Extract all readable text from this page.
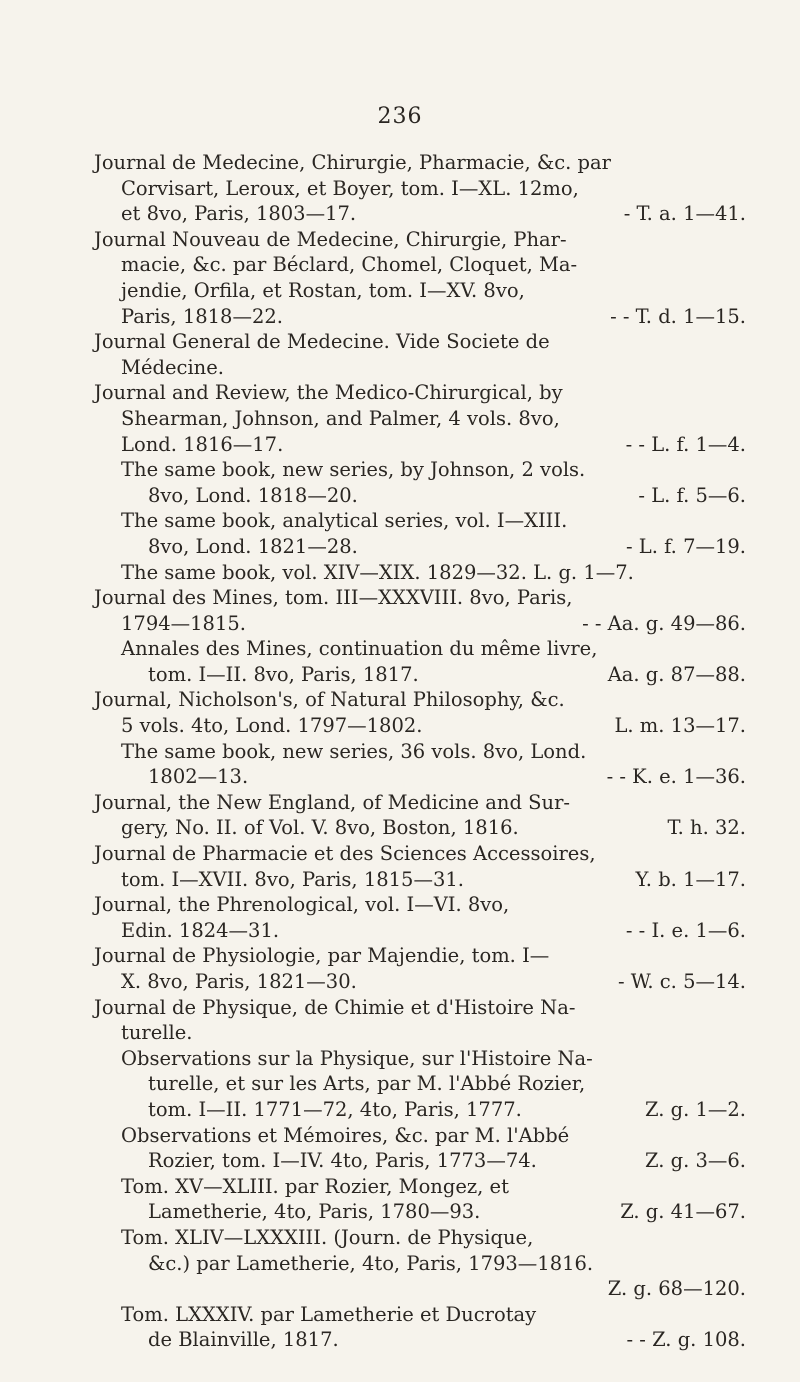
236
Journal de Medecine, Chirurgie, Pharmacie, &c. par
Corvisart, Leroux, et Boyer, tom. I—XL. 12mo,
et 8vo, Paris, 1803—17.	- T. a. 1—41.
Journal Nouveau de Medecine, Chirurgie, Phar-
macie, &c. par Béclard, Chomel, Cloquet, Ma-
jendie, Orfila, et Rostan, tom. I—XV. 8vo,
Paris, 1818—22.	- - T. d. 1—15.
Journal General de Medecine. Vide Societe de
Médecine.
Journal and Review, the Medico-Chirurgical, by
Shearman, Johnson, and Palmer, 4 vols. 8vo,
Lond. 1816—17.	- - L. f. 1—4.
The same book, new series, by Johnson, 2 vols.
8vo, Lond. 1818—20.	- L. f. 5—6.
The same book, analytical series, vol. I—XIII.
8vo, Lond. 1821—28.	- L. f. 7—19.
The same book, vol. XIV—XIX. 1829—32. L. g. 1—7.
Journal des Mines, tom. III—XXXVIII. 8vo, Paris,
1794—1815.	- - Aa. g. 49—86.
Annales des Mines, continuation du même livre,
tom. I—II. 8vo, Paris, 1817.	Aa. g. 87—88.
Journal, Nicholson's, of Natural Philosophy, &c.
5 vols. 4to, Lond. 1797—1802.	L. m. 13—17.
The same book, new series, 36 vols. 8vo, Lond.
1802—13.	- - K. e. 1—36.
Journal, the New England, of Medicine and Sur-
gery, No. II. of Vol. V. 8vo, Boston, 1816.	T. h. 32.
Journal de Pharmacie et des Sciences Accessoires,
tom. I—XVII. 8vo, Paris, 1815—31.	Y. b. 1—17.
Journal, the Phrenological, vol. I—VI. 8vo,
Edin. 1824—31.	- - I. e. 1—6.
Journal de Physiologie, par Majendie, tom. I—
X. 8vo, Paris, 1821—30.	- W. c. 5—14.
Journal de Physique, de Chimie et d'Histoire Na-
turelle.
Observations sur la Physique, sur l'Histoire Na-
turelle, et sur les Arts, par M. l'Abbé Rozier,
tom. I—II. 1771—72, 4to, Paris, 1777.	Z. g. 1—2.
Observations et Mémoires, &c. par M. l'Abbé
Rozier, tom. I—IV. 4to, Paris, 1773—74.	Z. g. 3—6.
Tom. XV—XLIII. par Rozier, Mongez, et
Lametherie, 4to, Paris, 1780—93.	Z. g. 41—67.
Tom. XLIV—LXXXIII. (Journ. de Physique,
&c.) par Lametherie, 4to, Paris, 1793—1816.
Z. g. 68—120.
Tom. LXXXIV. par Lametherie et Ducrotay
de Blainville, 1817.	- - Z. g. 108.
